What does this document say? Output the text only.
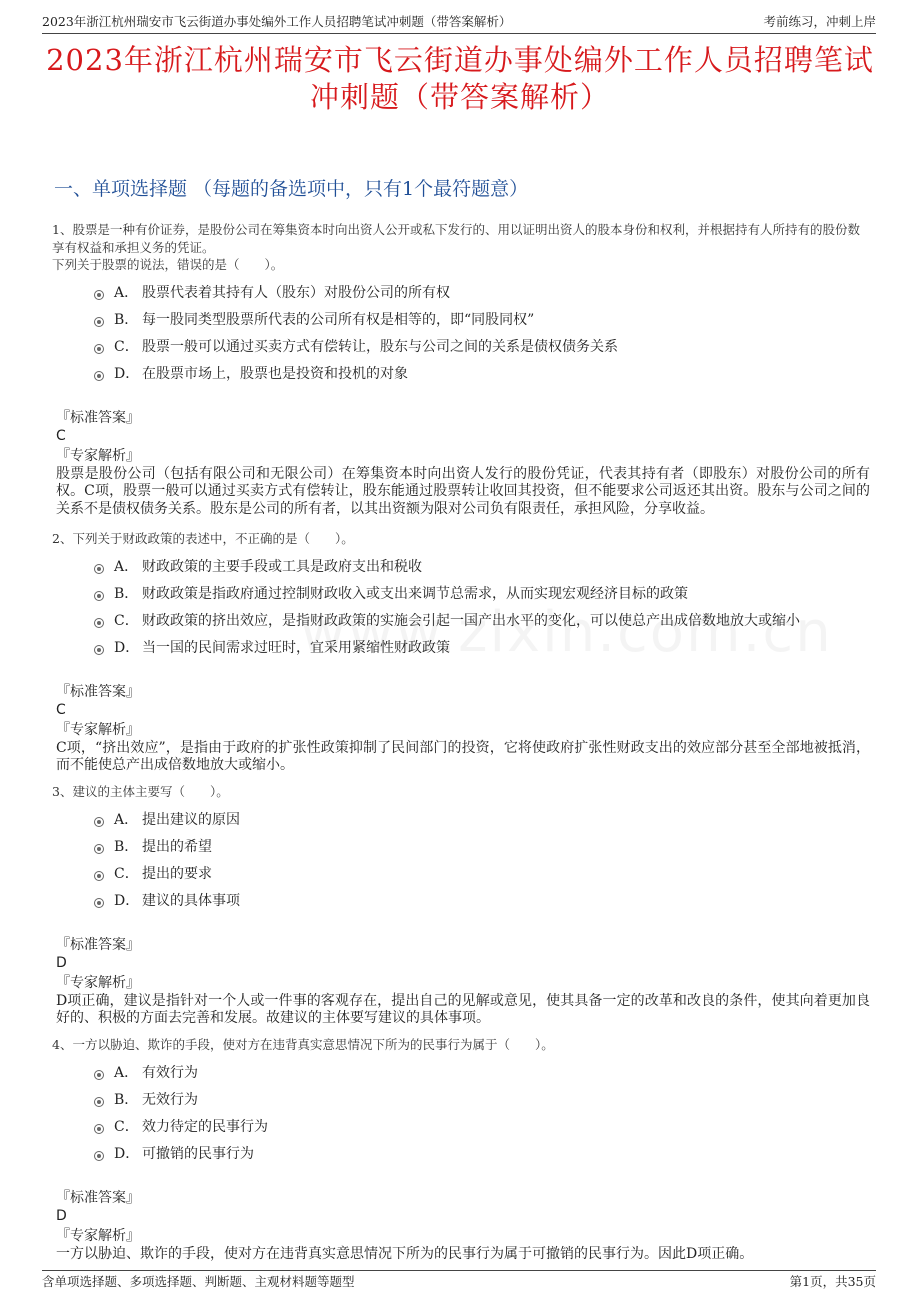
2023年浙江杭州瑞安市飞云街道办事处编外工作人员招聘笔试冲刺题（带答案解析）	考前练习，冲刺上岸
2023年浙江杭州瑞安市飞云街道办事处编外工作人员招聘笔试冲刺题（带答案解析）
一、单项选择题 （每题的备选项中，只有1个最符题意）
1、股票是一种有价证券，是股份公司在筹集资本时向出资人公开或私下发行的、用以证明出资人的股本身份和权利，并根据持有人所持有的股份数享有权益和承担义务的凭证。
下列关于股票的说法，错误的是（　　）。
A． 股票代表着其持有人（股东）对股份公司的所有权
B． 每一股同类型股票所代表的公司所有权是相等的，即“同股同权”
C． 股票一般可以通过买卖方式有偿转让，股东与公司之间的关系是债权债务关系
D． 在股票市场上，股票也是投资和投机的对象
『标准答案』
C
『专家解析』
股票是股份公司（包括有限公司和无限公司）在筹集资本时向出资人发行的股份凭证，代表其持有者（即股东）对股份公司的所有权。C项，股票一般可以通过买卖方式有偿转让，股东能通过股票转让收回其投资，但不能要求公司返还其出资。股东与公司之间的关系不是债权债务关系。股东是公司的所有者，以其出资额为限对公司负有限责任，承担风险，分享收益。
2、下列关于财政政策的表述中，不正确的是（　　）。
A． 财政政策的主要手段或工具是政府支出和税收
B． 财政政策是指政府通过控制财政收入或支出来调节总需求，从而实现宏观经济目标的政策
C． 财政政策的挤出效应，是指财政政策的实施会引起一国产出水平的变化，可以使总产出成倍数地放大或缩小
D． 当一国的民间需求过旺时，宜采用紧缩性财政政策
『标准答案』
C
『专家解析』
C项，“挤出效应”，是指由于政府的扩张性政策抑制了民间部门的投资，它将使政府扩张性财政支出的效应部分甚至全部地被抵消，而不能使总产出成倍数地放大或缩小。
3、建议的主体主要写（　　）。
A． 提出建议的原因
B． 提出的希望
C． 提出的要求
D． 建议的具体事项
『标准答案』
D
『专家解析』
D项正确，建议是指针对一个人或一件事的客观存在，提出自己的见解或意见，使其具备一定的改革和改良的条件，使其向着更加良好的、积极的方面去完善和发展。故建议的主体要写建议的具体事项。
4、一方以胁迫、欺诈的手段，使对方在违背真实意思情况下所为的民事行为属于（　　）。
A． 有效行为
B． 无效行为
C． 效力待定的民事行为
D． 可撤销的民事行为
『标准答案』
D
『专家解析』
一方以胁迫、欺诈的手段，使对方在违背真实意思情况下所为的民事行为属于可撤销的民事行为。因此D项正确。
含单项选择题、多项选择题、判断题、主观材料题等题型	第1页，共35页
